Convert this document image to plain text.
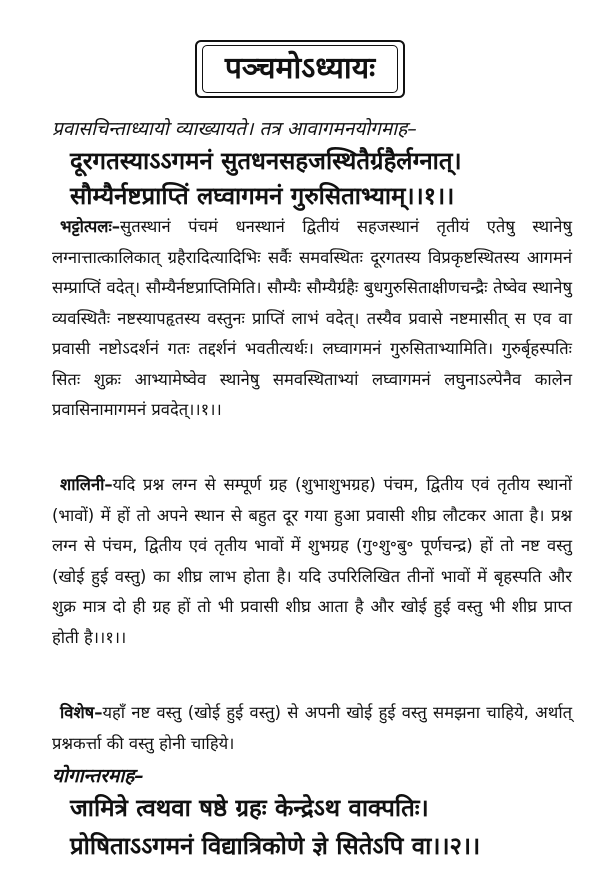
पञ्चमोऽध्यायः
प्रवासचिन्ताध्यायो व्याख्यायते। तत्र आवागमनयोगमाह–
दूरगतस्याऽऽगमनं सुतधनसहजस्थितैर्ग्रहैर्लग्नात्।
सौम्यैर्नष्टप्राप्तिं लघ्वागमनं गुरुसिताभ्याम्।।१।।
भट्टोत्पलः–सुतस्थानं पंचमं धनस्थानं द्वितीयं सहजस्थानं तृतीयं एतेषु स्थानेषु लग्नात्तात्कालिकात् ग्रहैरादित्यादिभिः सर्वैः समवस्थितः दूरगतस्य विप्रकृष्टस्थितस्य आगमनं सम्प्राप्तिं वदेत्। सौम्यैर्नष्टप्राप्तिमिति। सौम्यैः सौम्यैर्ग्रहैः बुधगुरुसिताक्षीणचन्द्रैः तेष्वेव स्थानेषु व्यवस्थितैः नष्टस्यापहृतस्य वस्तुनः प्राप्तिं लाभं वदेत्। तस्यैव प्रवासे नष्टमासीत् स एव वा प्रवासी नष्टोऽदर्शनं गतः तद्दर्शनं भवतीत्यर्थः। लघ्वागमनं गुरुसिताभ्यामिति। गुरुर्बृहस्पतिः सितः शुक्रः आभ्यामेष्वेव स्थानेषु समवस्थिताभ्यां लघ्वागमनं लघुनाऽल्पेनैव कालेन प्रवासिनामागमनं प्रवदेत्।।१।।
शालिनी–यदि प्रश्न लग्न से सम्पूर्ण ग्रह (शुभाशुभग्रह) पंचम, द्वितीय एवं तृतीय स्थानों (भावों) में हों तो अपने स्थान से बहुत दूर गया हुआ प्रवासी शीघ्र लौटकर आता है। प्रश्न लग्न से पंचम, द्वितीय एवं तृतीय भावों में शुभग्रह (गु॰शु॰बु॰ पूर्णचन्द्र) हों तो नष्ट वस्तु (खोई हुई वस्तु) का शीघ्र लाभ होता है। यदि उपरिलिखित तीनों भावों में बृहस्पति और शुक्र मात्र दो ही ग्रह हों तो भी प्रवासी शीघ्र आता है और खोई हुई वस्तु भी शीघ्र प्राप्त होती है।।१।।
विशेष–यहाँ नष्ट वस्तु (खोई हुई वस्तु) से अपनी खोई हुई वस्तु समझना चाहिये, अर्थात् प्रश्नकर्त्ता की वस्तु होनी चाहिये।
योगान्तरमाह–
जामित्रे त्वथवा षष्ठे ग्रहः केन्द्रेऽथ वाक्पतिः।
प्रोषिताऽऽगमनं विद्यात्रिकोणे ज्ञे सितेऽपि वा।।२।।
